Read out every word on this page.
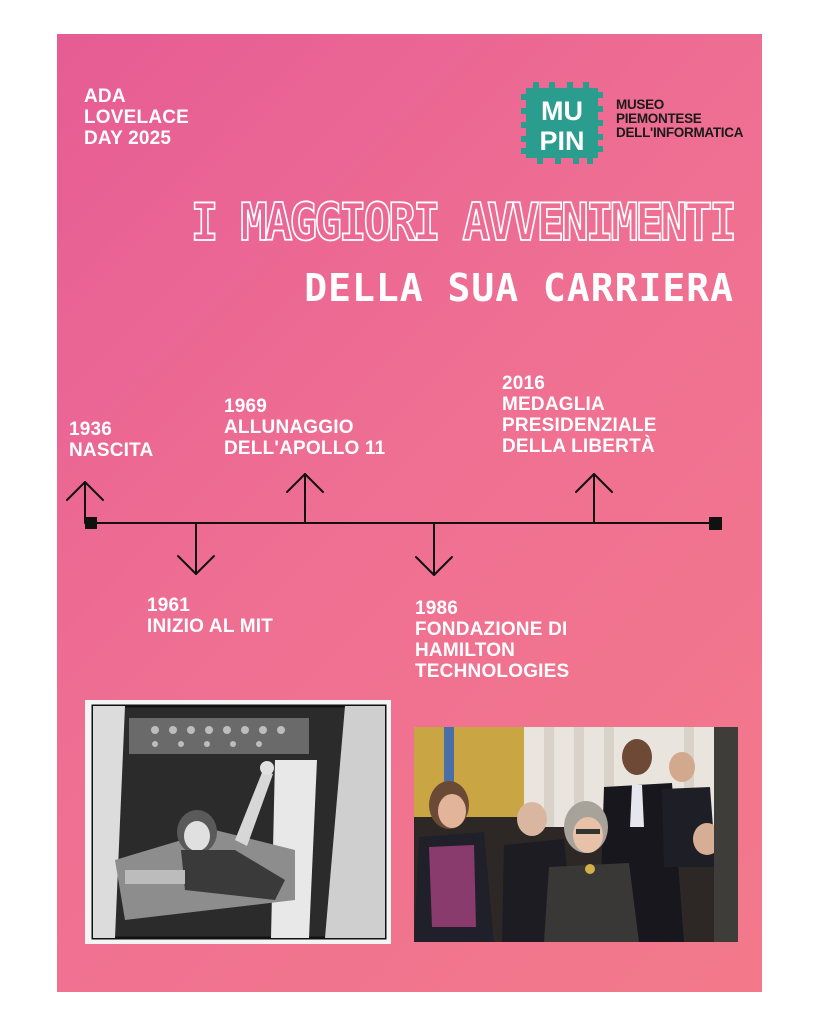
ADA
LOVELACE
DAY 2025
MU
PIN
MUSEO
PIEMONTESE
DELL'INFORMATICA
I MAGGIORI AVVENIMENTI
DELLA SUA CARRIERA
1936
NASCITA
1961
INIZIO AL MIT
1969
ALLUNAGGIO
DELL'APOLLO 11
1986
FONDAZIONE DI
HAMILTON
TECHNOLOGIES
2016
MEDAGLIA
PRESIDENZIALE
DELLA LIBERTÀ
